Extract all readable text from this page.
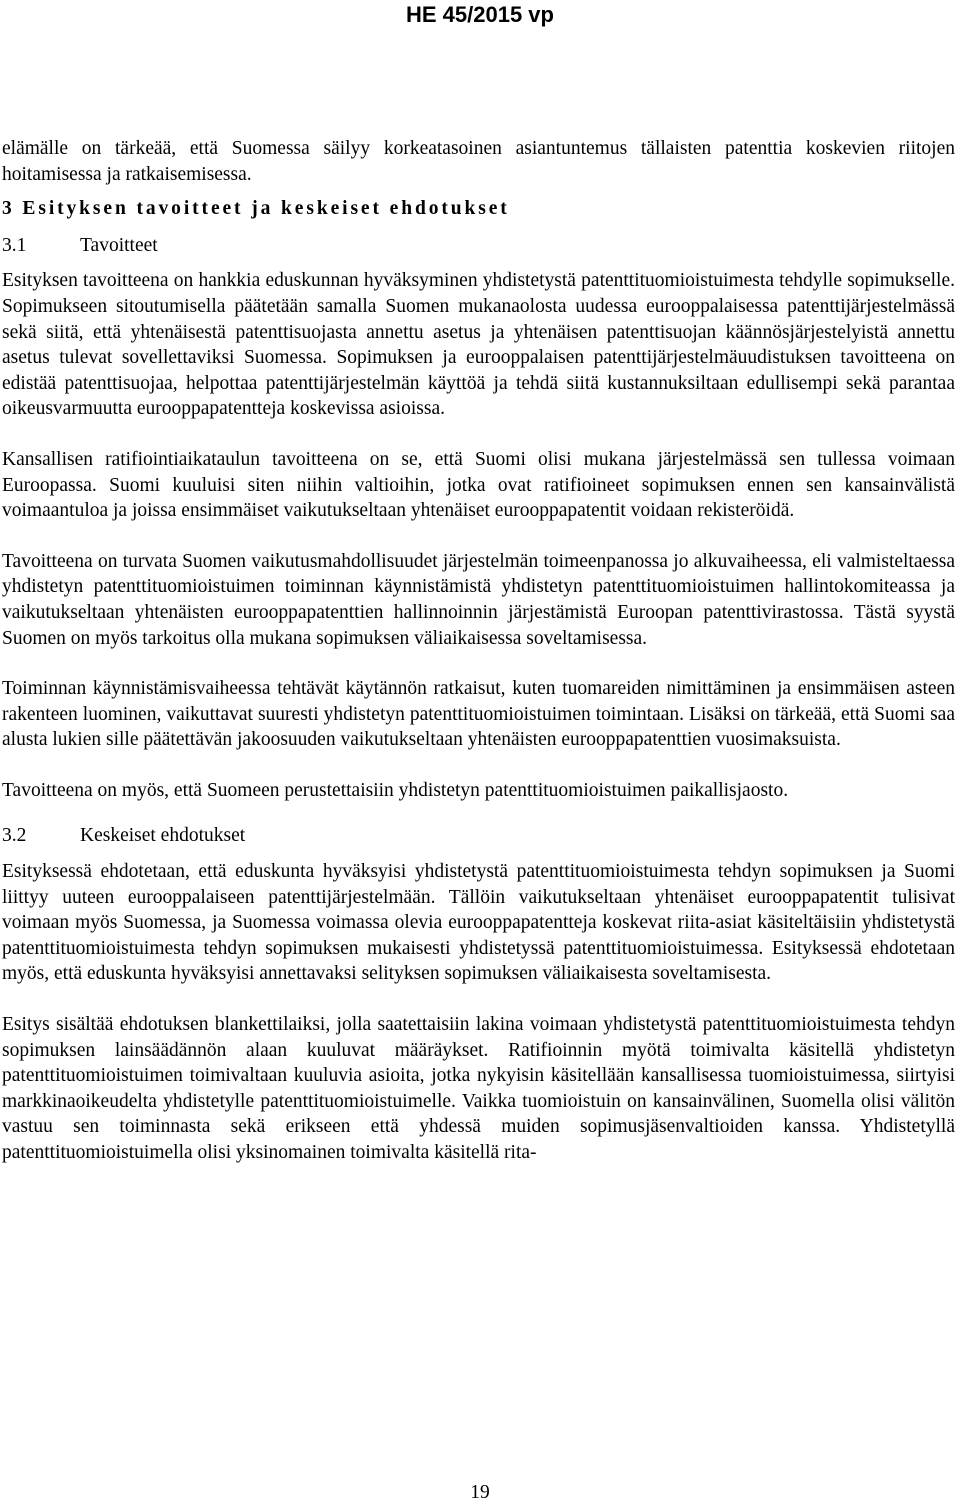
HE 45/2015 vp

elämälle on tärkeää, että Suomessa säilyy korkeatasoinen asiantuntemus tällaisten patenttia koskevien riitojen hoitamisessa ja ratkaisemisessa.

3 Esityksen tavoitteet ja keskeiset ehdotukset
3.1	Tavoitteet

Esityksen tavoitteena on hankkia eduskunnan hyväksyminen yhdistetystä patenttituomioistuimesta tehdylle sopimukselle. Sopimukseen sitoutumisella päätetään samalla Suomen mukanaolosta uudessa eurooppalaisessa patenttijärjestelmässä sekä siitä, että yhtenäisestä patenttisuojasta annettu asetus ja yhtenäisen patenttisuojan käännösjärjestelyistä annettu asetus tulevat sovellettaviksi Suomessa. Sopimuksen ja eurooppalaisen patenttijärjestelmäuudistuksen tavoitteena on edistää patenttisuojaa, helpottaa patenttijärjestelmän käyttöä ja tehdä siitä kustannuksiltaan edullisempi sekä parantaa oikeusvarmuutta eurooppapatentteja koskevissa asioissa.

Kansallisen ratifiointiaikataulun tavoitteena on se, että Suomi olisi mukana järjestelmässä sen tullessa voimaan Euroopassa. Suomi kuuluisi siten niihin valtioihin, jotka ovat ratifioineet sopimuksen ennen sen kansainvälistä voimaantuloa ja joissa ensimmäiset vaikutukseltaan yhtenäiset eurooppapatentit voidaan rekisteröidä.

Tavoitteena on turvata Suomen vaikutusmahdollisuudet järjestelmän toimeenpanossa jo alkuvaiheessa, eli valmisteltaessa yhdistetyn patenttituomioistuimen toiminnan käynnistämistä yhdistetyn patenttituomioistuimen hallintokomiteassa ja vaikutukseltaan yhtenäisten eurooppapatenttien hallinnoinnin järjestämistä Euroopan patenttivirastossa. Tästä syystä Suomen on myös tarkoitus olla mukana sopimuksen väliaikaisessa soveltamisessa.

Toiminnan käynnistämisvaiheessa tehtävät käytännön ratkaisut, kuten tuomareiden nimittäminen ja ensimmäisen asteen rakenteen luominen, vaikuttavat suuresti yhdistetyn patenttituomioistuimen toimintaan. Lisäksi on tärkeää, että Suomi saa alusta lukien sille päätettävän jakoosuuden vaikutukseltaan yhtenäisten eurooppapatenttien vuosimaksuista.

Tavoitteena on myös, että Suomeen perustettaisiin yhdistetyn patenttituomioistuimen paikallisjaosto.

3.2	Keskeiset ehdotukset

Esityksessä ehdotetaan, että eduskunta hyväksyisi yhdistetystä patenttituomioistuimesta tehdyn sopimuksen ja Suomi liittyy uuteen eurooppalaiseen patenttijärjestelmään. Tällöin vaikutukseltaan yhtenäiset eurooppapatentit tulisivat voimaan myös Suomessa, ja Suomessa voimassa olevia eurooppapatentteja koskevat riita-asiat käsiteltäisiin yhdistetystä patenttituomioistuimesta tehdyn sopimuksen mukaisesti yhdistetyssä patenttituomioistuimessa. Esityksessä ehdotetaan myös, että eduskunta hyväksyisi annettavaksi selityksen sopimuksen väliaikaisesta soveltamisesta.

Esitys sisältää ehdotuksen blankettilaiksi, jolla saatettaisiin lakina voimaan yhdistetystä patenttituomioistuimesta tehdyn sopimuksen lainsäädännön alaan kuuluvat määräykset. Ratifioinnin myötä toimivalta käsitellä yhdistetyn patenttituomioistuimen toimivaltaan kuuluvia asioita, jotka nykyisin käsitellään kansallisessa tuomioistuimessa, siirtyisi markkinaoikeudelta yhdistetylle patenttituomioistuimelle. Vaikka tuomioistuin on kansainvälinen, Suomella olisi välitön vastuu sen toiminnasta sekä erikseen että yhdessä muiden sopimusjäsenvaltioiden kanssa. Yhdistetyllä patenttituomioistuimella olisi yksinomainen toimivalta käsitellä rita-

19
